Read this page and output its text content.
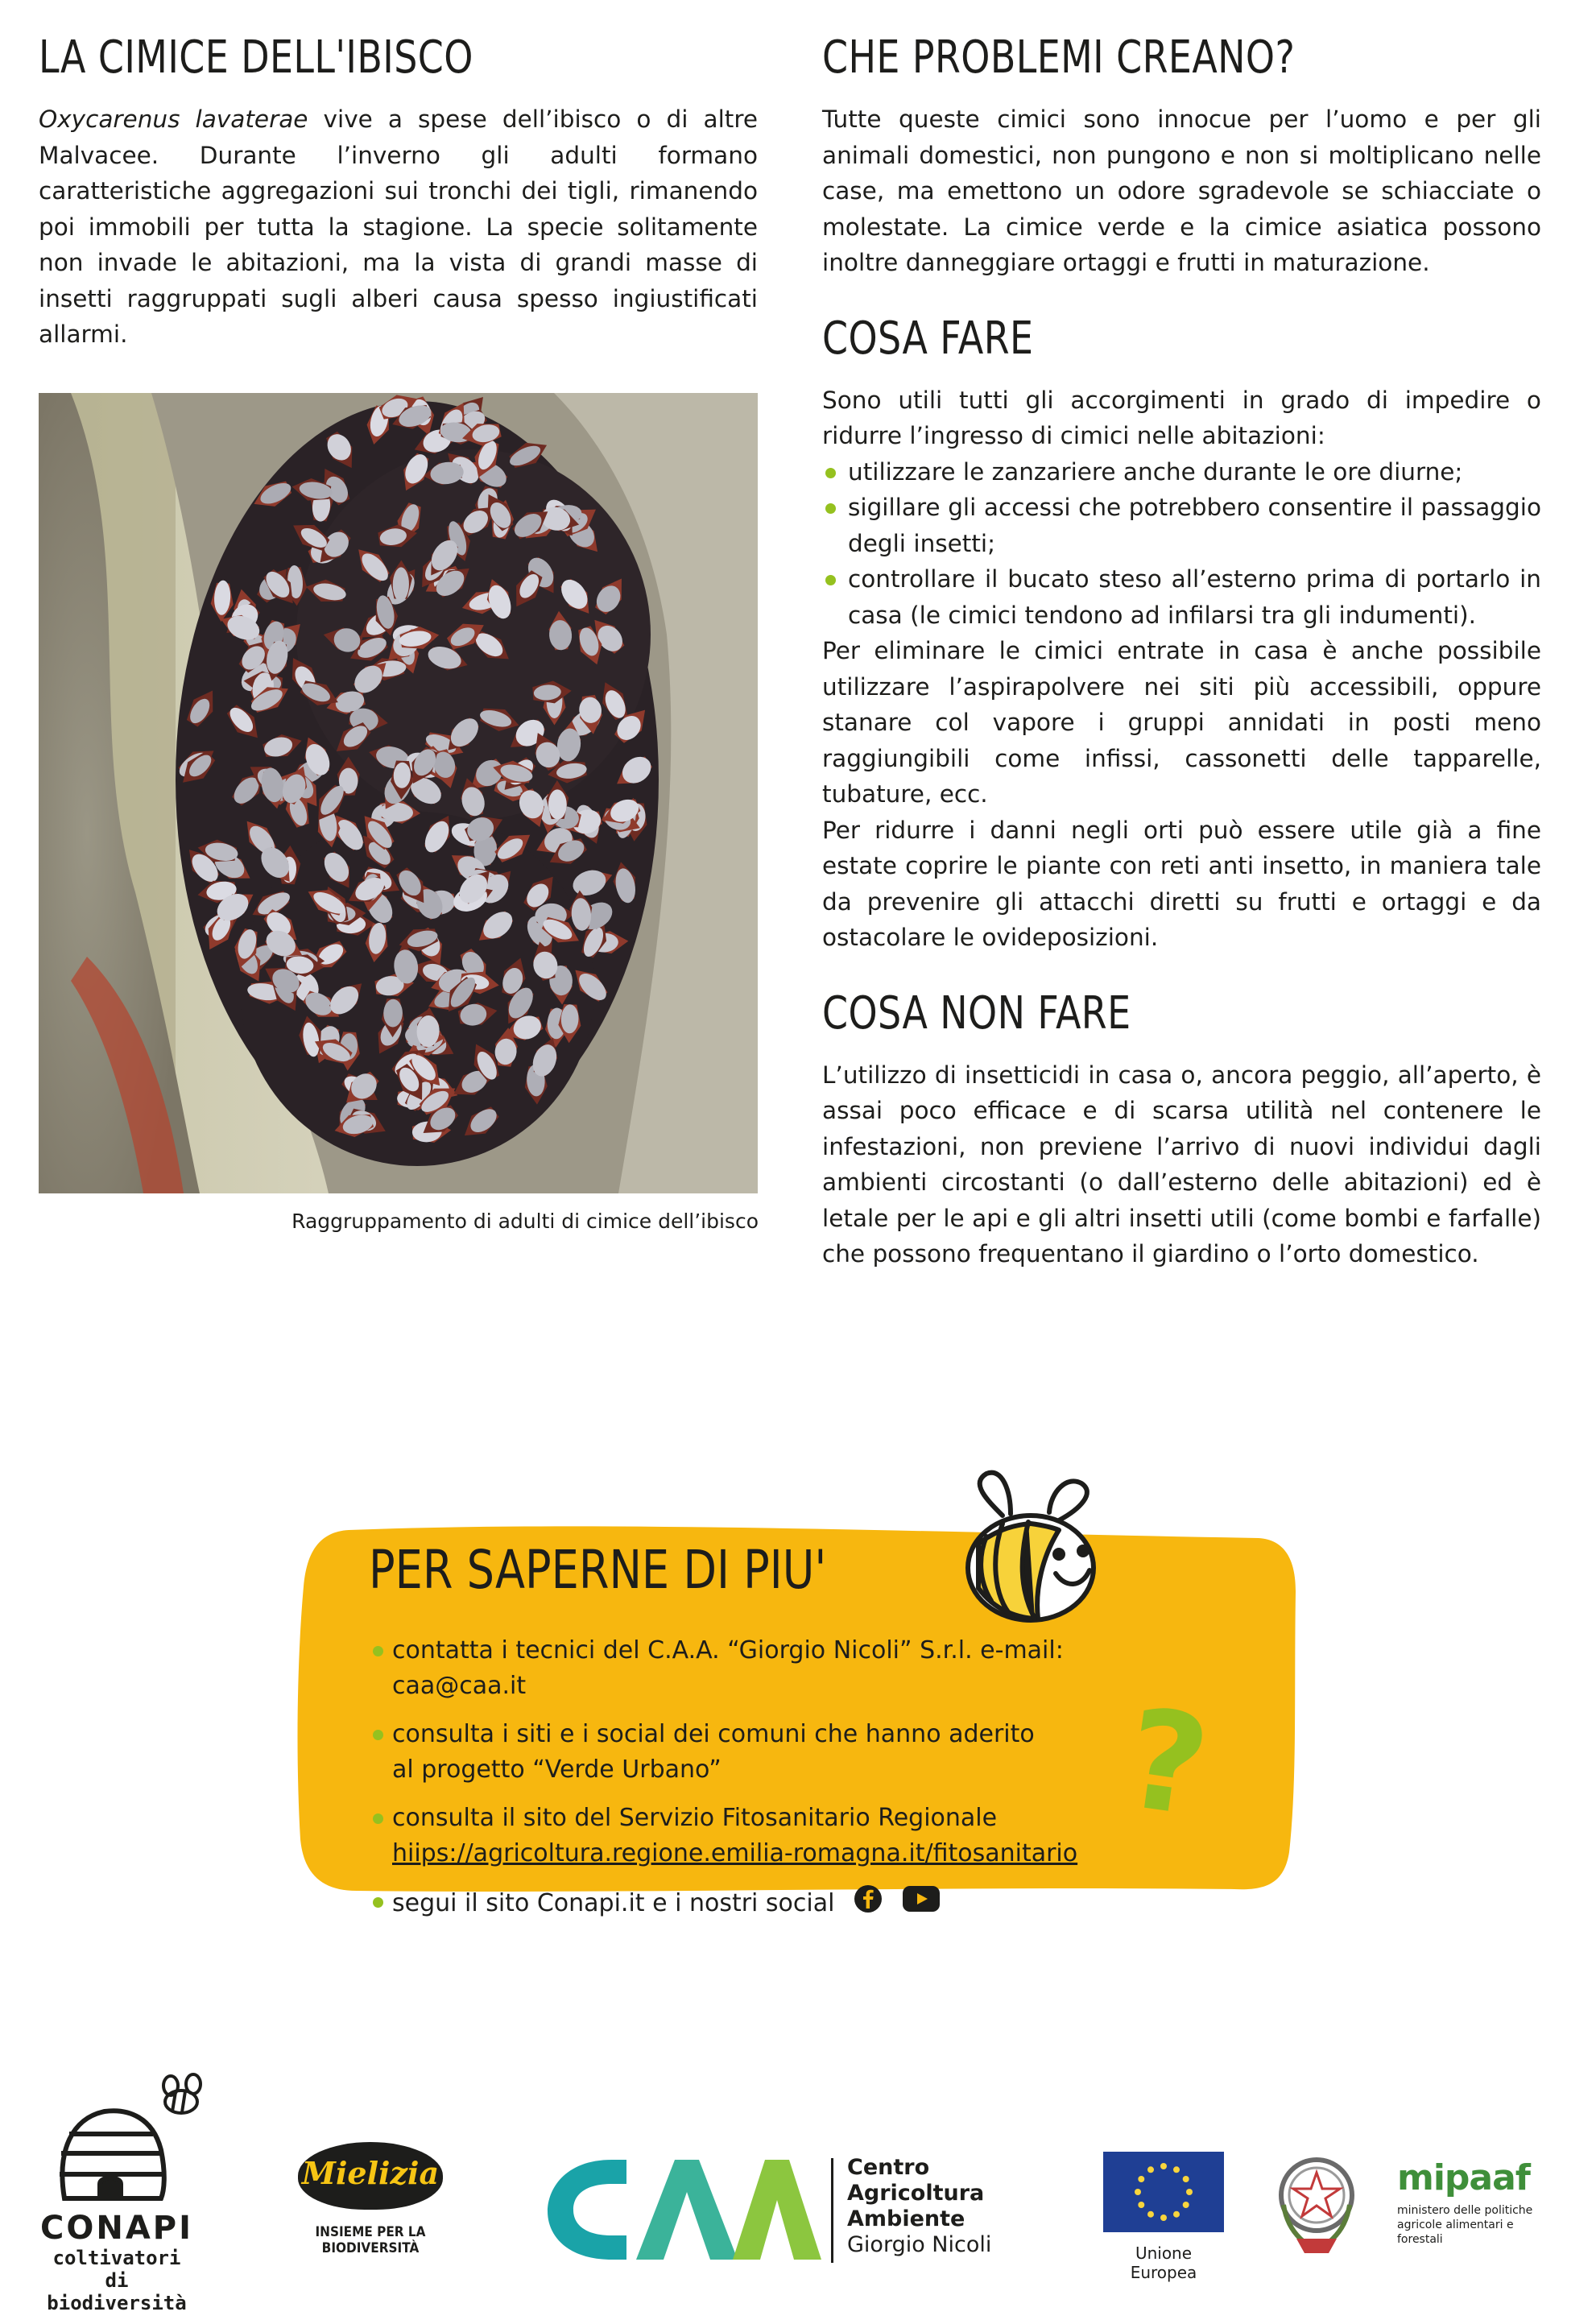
LA CIMICE DELL'IBISCO

Oxycarenus lavaterae vive a spese dell’ibisco o di altre Malvacee. Durante l’inverno gli adulti formano caratteristiche aggregazioni sui tronchi dei tigli, rimanendo poi immobili per tutta la stagione. La specie solitamente non invade le abitazioni, ma la vista di grandi masse di insetti raggruppati sugli alberi causa spesso ingiustificati allarmi.

Raggruppamento di adulti di cimice dell’ibisco
CHE PROBLEMI CREANO?

Tutte queste cimici sono innocue per l’uomo e per gli animali domestici, non pungono e non si moltiplicano nelle case, ma emettono un odore sgradevole se schiacciate o molestate. La cimice verde e la cimice asiatica possono inoltre danneggiare ortaggi e frutti in maturazione.

COSA FARE

Sono utili tutti gli accorgimenti in grado di impedire o ridurre l’ingresso di cimici nelle abitazioni:

utilizzare le zanzariere anche durante le ore diurne;
sigillare gli accessi che potrebbero consentire il passaggio degli insetti;
controllare il bucato steso all’esterno prima di portarlo in casa (le cimici tendono ad infilarsi tra gli indumenti).

Per eliminare le cimici entrate in casa è anche possibile utilizzare l’aspirapolvere nei siti più accessibili, oppure stanare col vapore i gruppi annidati in posti meno raggiungibili come infissi, cassonetti delle tapparelle, tubature, ecc.

Per ridurre i danni negli orti può essere utile già a fine estate coprire le piante con reti anti insetto, in maniera tale da prevenire gli attacchi diretti su frutti e ortaggi e da ostacolare le ovideposizioni.

COSA NON FARE

L’utilizzo di insetticidi in casa o, ancora peggio, all’aperto, è assai poco efficace e di scarsa utilità nel contenere le infestazioni, non previene l’arrivo di nuovi individui dagli ambienti circostanti (o dall’esterno delle abitazioni) ed è letale per le api e gli altri insetti utili (come bombi e farfalle) che possono frequentano il giardino o l’orto domestico.

PER SAPERNE DI PIU'
contatta i tecnici del C.A.A. “Giorgio Nicoli” S.r.l. e-mail: caa@caa.it
consulta i siti e i social dei comuni che hanno aderito
al progetto “Verde Urbano”
consulta il sito del Servizio Fitosanitario Regionale
hiips://agricoltura.regione.emilia-romagna.it/fitosanitario
segui il sito Conapi.it e i nostri social
?
CONAPI
coltivatori
di biodiversità
Mielizia
INSIEME PER LA BIODIVERSITÀ
Centro
Agricoltura
Ambiente
Giorgio Nicoli	Unione Europea
mipaaf
ministero delle politiche
agricole alimentari e forestali
